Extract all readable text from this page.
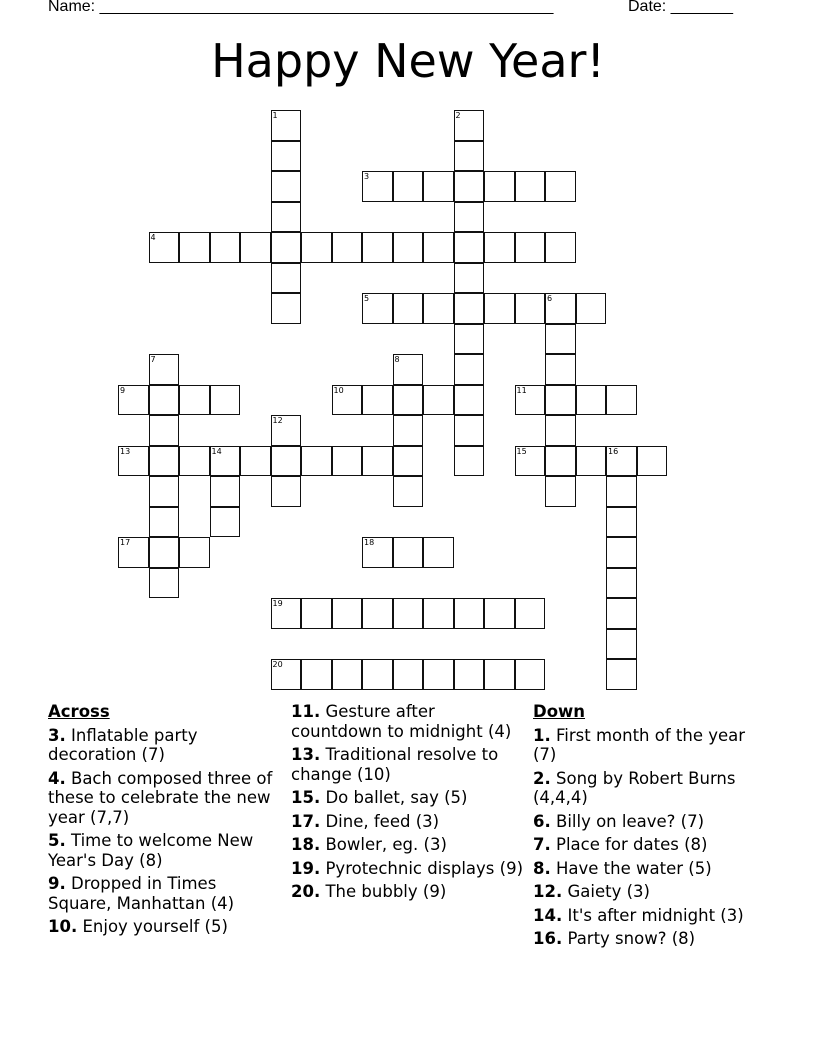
Name: ___________________________________________________	Date: _______
Happy New Year!
1	2
3
4
5	6
7	8
9	10	11
12
13	14	15	16
17	18
19
20
Across
3. Inflatable party decoration (7)
4. Bach composed three of these to celebrate the new year (7,7)
5. Time to welcome New Year's Day (8)
9. Dropped in Times Square, Manhattan (4)
10. Enjoy yourself (5)
11. Gesture after countdown to midnight (4)
13. Traditional resolve to change (10)
15. Do ballet, say (5)
17. Dine, feed (3)
18. Bowler, eg. (3)
19. Pyrotechnic displays (9)
20. The bubbly (9)
Down
1. First month of the year (7)
2. Song by Robert Burns (4,4,4)
6. Billy on leave? (7)
7. Place for dates (8)
8. Have the water (5)
12. Gaiety (3)
14. It's after midnight (3)
16. Party snow? (8)
